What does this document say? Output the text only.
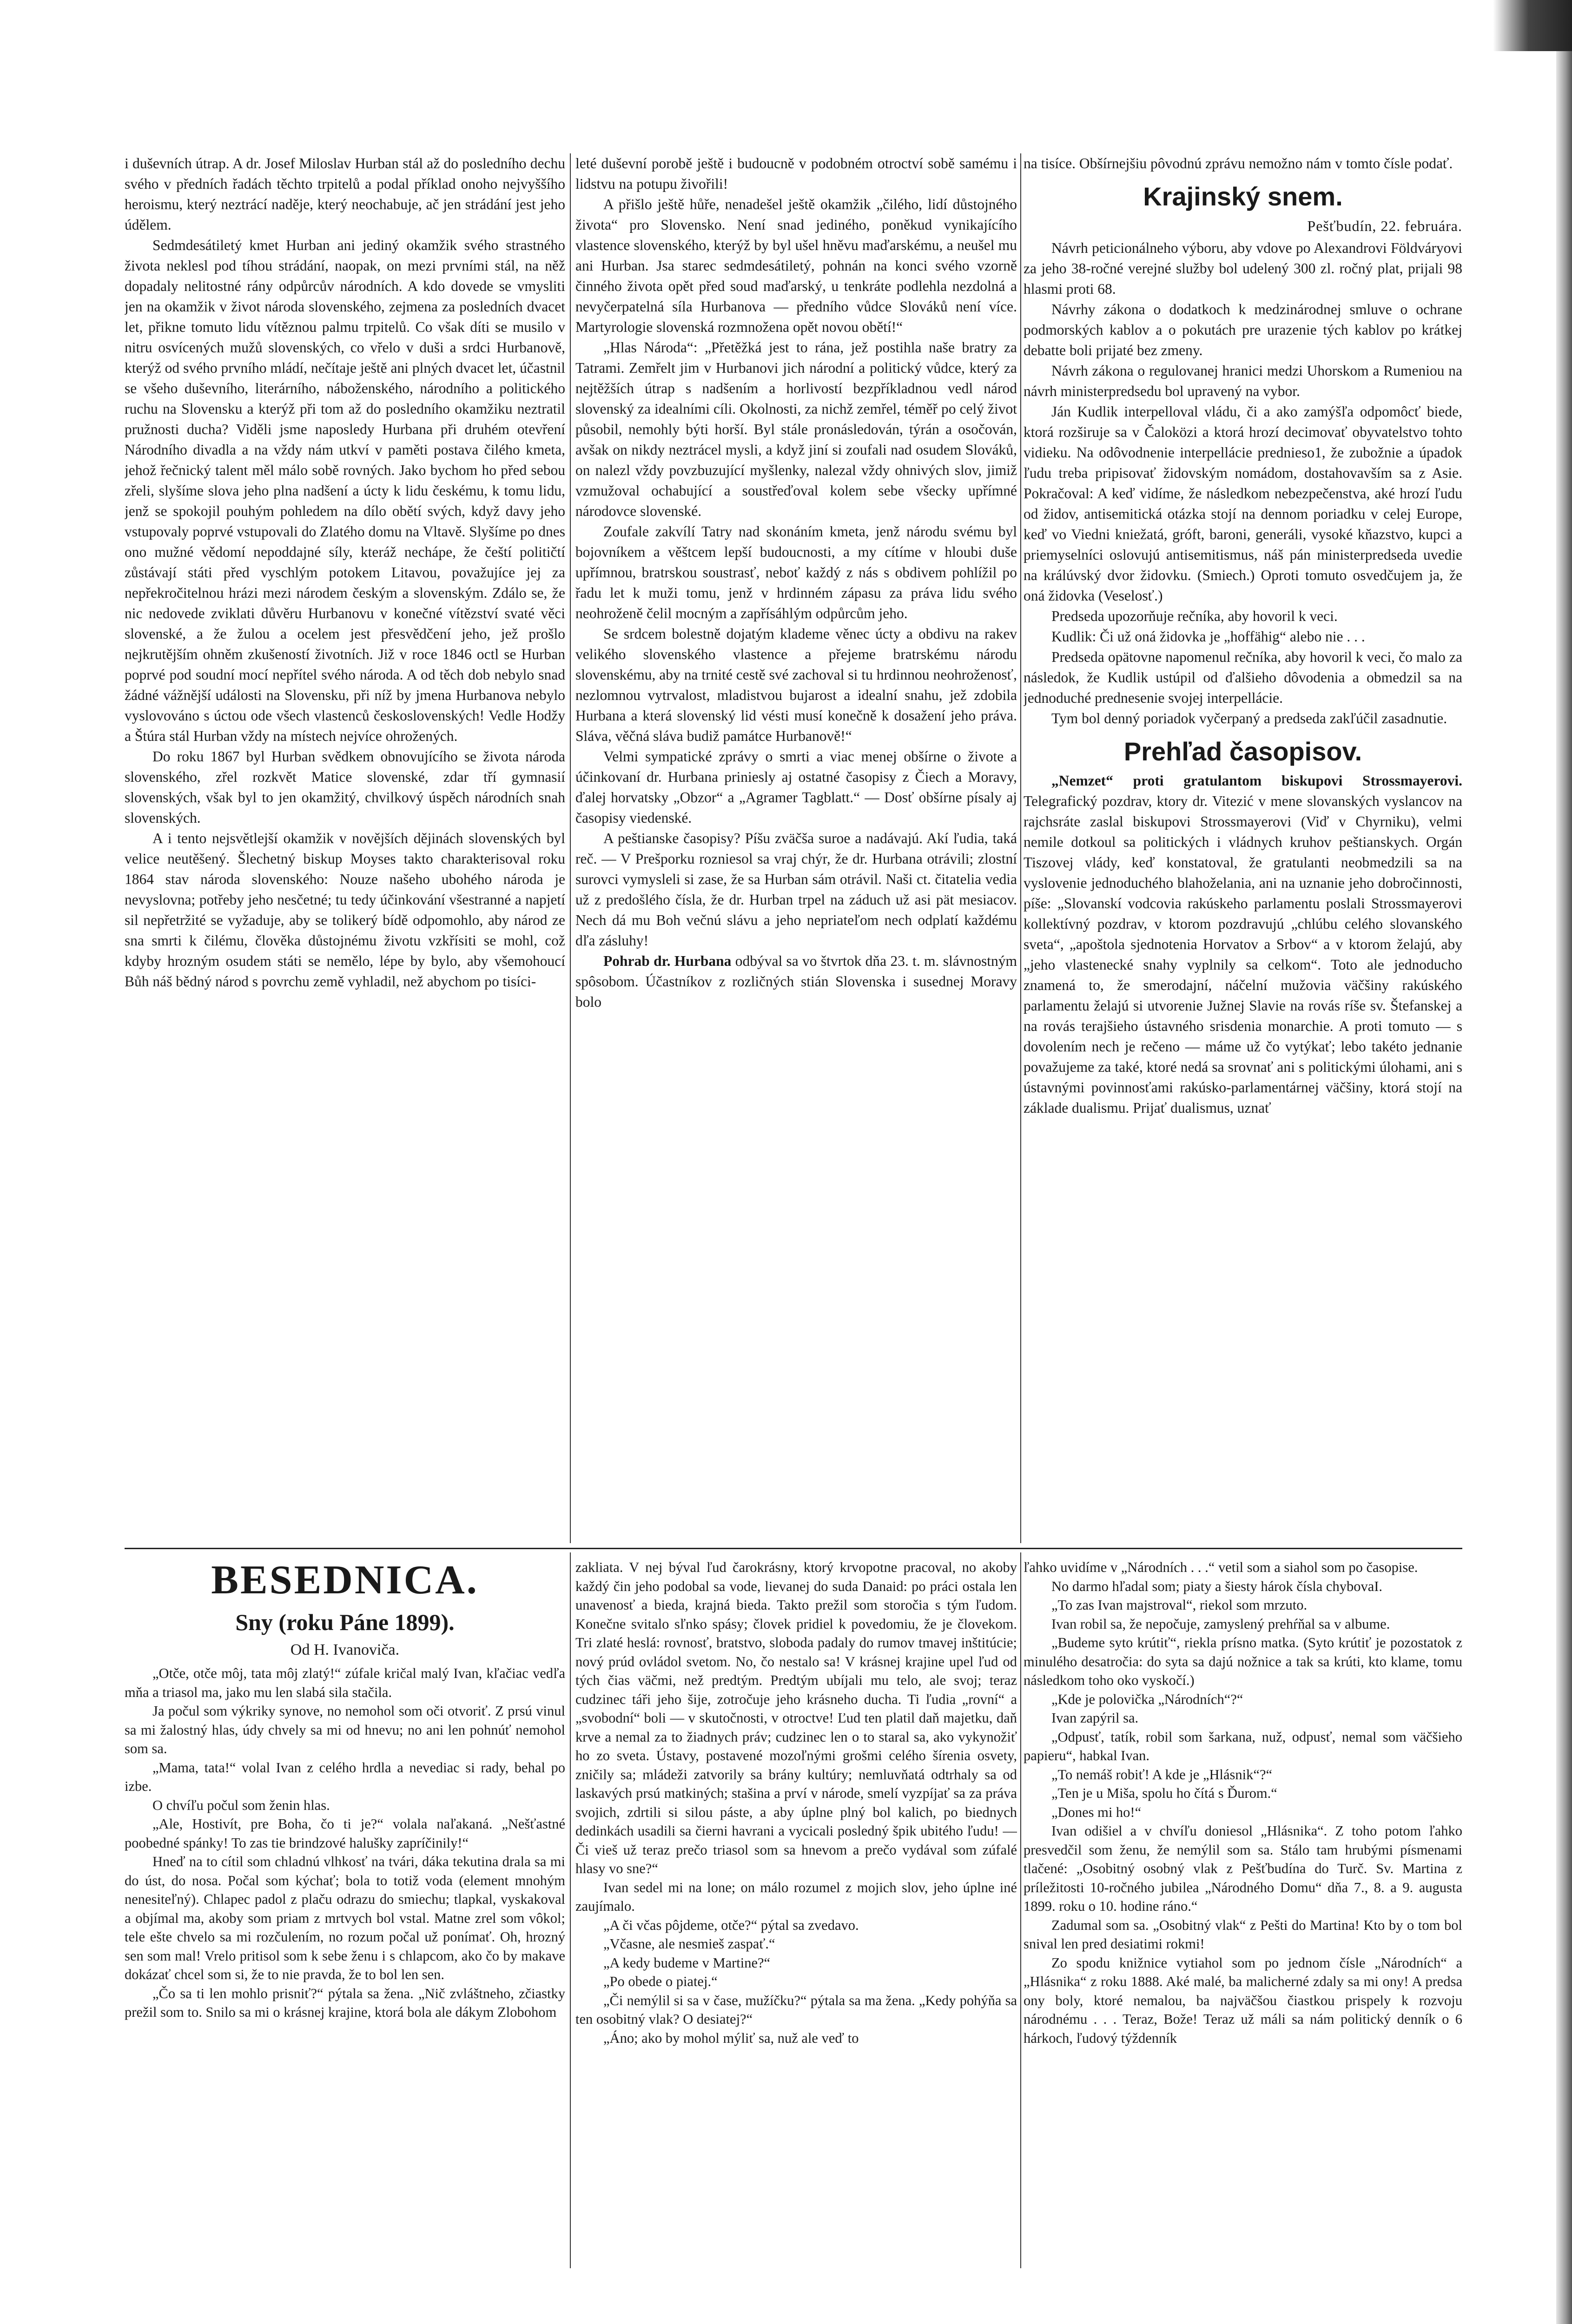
i duševních útrap. A dr. Josef Miloslav Hurban stál až do posledního dechu svého v předních řadách těchto trpitelů a podal příklad onoho nejvyššího heroismu, který neztrácí naděje, který neochabuje, ač jen strádání jest jeho údělem.

Sedmdesátiletý kmet Hurban ani jediný okamžik svého strastného života neklesl pod tíhou strádání, naopak, on mezi prvními stál, na něž dopadaly nelitostné rány odpůrcův národních. A kdo dovede se vmysliti jen na okamžik v život národa slovenského, zejmena za posledních dvacet let, přikne tomuto lidu vítěznou palmu trpitelů. Co však díti se musilo v nitru osvícených mužů slovenských, co vřelo v duši a srdci Hurbanově, kterýž od svého prvního mládí, nečítaje ještě ani plných dvacet let, účastnil se všeho duševního, literárního, náboženského, národního a politického ruchu na Slovensku a kterýž při tom až do posledního okamžiku neztratil pružnosti ducha? Viděli jsme naposledy Hurbana při druhém otevření Národního divadla a na vždy nám utkví v paměti postava čilého kmeta, jehož řečnický talent měl málo sobě rovných. Jako bychom ho před sebou zřeli, slyšíme slova jeho plna nadšení a úcty k lidu českému, k tomu lidu, jenž se spokojil pouhým pohledem na dílo obětí svých, když davy jeho vstupovaly poprvé vstupovali do Zlatého domu na Vltavě. Slyšíme po dnes ono mužné vědomí nepoddajné síly, kteráž nechápe, že čeští političtí zůstávají státi před vyschlým potokem Litavou, považujíce jej za nepřekročitelnou hrázi mezi národem českým a slovenským. Zdálo se, že nic nedovede zviklati důvěru Hurbanovu v konečné vítězství svaté věci slovenské, a že žulou a ocelem jest přesvědčení jeho, jež prošlo nejkrutějším ohněm zkušeností životních. Již v roce 1846 octl se Hurban poprvé pod soudní mocí nepřítel svého národa. A od těch dob nebylo snad žádné vážnější události na Slovensku, při níž by jmena Hurbanova nebylo vyslovováno s úctou ode všech vlastenců československých! Vedle Hodžy a Štúra stál Hurban vždy na místech nejvíce ohrožených.

Do roku 1867 byl Hurban svědkem obnovujícího se života národa slovenského, zřel rozkvět Matice slovenské, zdar tří gymnasií slovenských, však byl to jen okamžitý, chvilkový úspěch národních snah slovenských.

A i tento nejsvětlejší okamžik v novějších dějinách slovenských byl velice neutěšený. Šlechetný biskup Moyses takto charakterisoval roku 1864 stav národa slovenského: Nouze našeho ubohého národa je nevyslovna; potřeby jeho nesčetné; tu tedy účinkování všestranné a napjetí sil nepřetržité se vyžaduje, aby se tolikerý bídě odpomohlo, aby národ ze sna smrti k čilému, člověka důstojnému životu vzkřísiti se mohl, což kdyby hrozným osudem státi se nemělo, lépe by bylo, aby všemohoucí Bůh náš bědný národ s povrchu země vyhladil, než abychom po tisíci-

leté duševní porobě ještě i budoucně v podobném otroctví sobě samému i lidstvu na potupu živořili!

A přišlo ještě hůře, nenadešel ještě okamžik „čilého, lidí důstojného života“ pro Slovensko. Není snad jediného, poněkud vynikajícího vlastence slovenského, kterýž by byl ušel hněvu maďarskému, a neušel mu ani Hurban. Jsa starec sedmdesátiletý, pohnán na konci svého vzorně činného života opět před soud maďarský, u tenkráte podlehla nezdolná a nevyčerpatelná síla Hurbanova — předního vůdce Slováků není více. Martyrologie slovenská rozmnožena opět novou obětí!“

„Hlas Národa“: „Přetěžká jest to rána, jež postihla naše bratry za Tatrami. Zemřelt jim v Hurbanovi jich národní a politický vůdce, který za nejtěžších útrap s nadšením a horlivostí bezpříkladnou vedl národ slovenský za idealními cíli. Okolnosti, za nichž zemřel, téměř po celý život působil, nemohly býti horší. Byl stále pronásledován, týrán a osočován, avšak on nikdy neztrácel mysli, a když jiní si zoufali nad osudem Slováků, on nalezl vždy povzbuzující myšlenky, nalezal vždy ohnivých slov, jimiž vzmužoval ochabující a soustřeďoval kolem sebe všecky upřímné národovce slovenské.

Zoufale zakvílí Tatry nad skonáním kmeta, jenž národu svému byl bojovníkem a věštcem lepší budoucnosti, a my cítíme v hloubi duše upřímnou, bratrskou soustrasť, neboť každý z nás s obdivem pohlížil po řadu let k muži tomu, jenž v hrdinném zápasu za práva lidu svého neohroženě čelil mocným a zapřísáhlým odpůrcům jeho.

Se srdcem bolestně dojatým klademe věnec úcty a obdivu na rakev velikého slovenského vlastence a přejeme bratrskému národu slovenskému, aby na trnité cestě své zachoval si tu hrdinnou neohroženosť, nezlomnou vytrvalost, mladistvou bujarost a idealní snahu, jež zdobila Hurbana a která slovenský lid vésti musí konečně k dosažení jeho práva. Sláva, věčná sláva budiž památce Hurbanově!“

Velmi sympatické zprávy o smrti a viac menej obšírne o živote a účinkovaní dr. Hurbana priniesly aj ostatné časopisy z Čiech a Moravy, ďalej horvatsky „Obzor“ a „Agramer Tagblatt.“ — Dosť obšírne písaly aj časopisy viedenské.

A peštianske časopisy? Píšu zväčša suroe a nadávajú. Akí ľudia, taká reč. — V Prešporku rozniesol sa vraj chýr, že dr. Hurbana otrávili; zlostní surovci vymysleli si zase, že sa Hurban sám otrávil. Naši ct. čitatelia vedia už z predošlého čísla, že dr. Hurban trpel na záduch už asi pät mesiacov. Nech dá mu Boh večnú slávu a jeho nepriateľom nech odplatí každému dľa zásluhy!

Pohrab dr. Hurbana odbýval sa vo štvrtok dňa 23. t. m. slávnostným spôsobom. Účastníkov z rozličných stián Slovenska i susednej Moravy bolo

na tisíce. Obšírnejšiu pôvodnú zprávu nemožno nám v tomto čísle podať.

Krajinský snem.
Pešťbudín, 22. februára.

Návrh peticionálneho výboru, aby vdove po Alexandrovi Földváryovi za jeho 38-ročné verejné služby bol udelený 300 zl. ročný plat, prijali 98 hlasmi proti 68.

Návrhy zákona o dodatkoch k medzinárodnej smluve o ochrane podmorských kablov a o pokutách pre urazenie tých kablov po krátkej debatte boli prijaté bez zmeny.

Návrh zákona o regulovanej hranici medzi Uhorskom a Rumeniou na návrh ministerpredsedu bol upravený na vybor.

Ján Kudlik interpelloval vládu, či a ako zamýšľa odpomôcť biede, ktorá rozširuje sa v Čaloközi a ktorá hrozí decimovať obyvatelstvo tohto vidieku. Na odôvodnenie interpellácie prednieso1, že zubožnie a úpadok ľudu treba pripisovať židovským nomádom, dostahovavším sa z Asie. Pokračoval: A keď vidíme, že následkom nebezpečenstva, aké hrozí ľudu od židov, antisemitická otázka stojí na dennom poriadku v celej Europe, keď vo Viedni kniežatá, gróft, baroni, generáli, vysoké kňazstvo, kupci a priemyselníci oslovujú antisemitismus, náš pán ministerpredseda uvedie na králúvský dvor židovku. (Smiech.) Oproti tomuto osvedčujem ja, že oná židovka (Veselosť.)

Predseda upozorňuje rečníka, aby hovoril k veci.

Kudlik: Či už oná židovka je „hoffähig“ alebo nie . . .

Predseda opätovne napomenul rečníka, aby hovoril k veci, čo malo za následok, že Kudlik ustúpil od ďalšieho dôvodenia a obmedzil sa na jednoduché prednesenie svojej interpellácie.

Tym bol denný poriadok vyčerpaný a predseda zakľúčil zasadnutie.

Prehľad časopisov.

„Nemzet“ proti gratulantom biskupovi Strossmayerovi. Telegrafický pozdrav, ktory dr. Vitezić v mene slovanských vyslancov na rajchsráte zaslal biskupovi Strossmayerovi (Viď v Chyrniku), velmi nemile dotkoul sa politických i vládnych kruhov peštianskych. Orgán Tiszovej vlády, keď konstatoval, že gratulanti neobmedzili sa na vyslovenie jednoduchého blahoželania, ani na uznanie jeho dobročinnosti, píše: „Slovanskí vodcovia rakúskeho parlamentu poslali Strossmayerovi kollektívný pozdrav, v ktorom pozdravujú „chlúbu celého slovanského sveta“, „apoštola sjednotenia Horvatov a Srbov“ a v ktorom želajú, aby „jeho vlastenecké snahy vyplnily sa celkom“. Toto ale jednoducho znamená to, že smerodajní, náčelní mužovia väčšiny rakúského parlamentu želajú si utvorenie Južnej Slavie na rovás ríše sv. Štefanskej a na rovás terajšieho ústavného srisdenia monarchie. A proti tomuto — s dovolením nech je rečeno — máme už čo vytýkať; lebo takéto jednanie považujeme za také, ktoré nedá sa srovnať ani s politickými úlohami, ani s ústavnými povinnosťami rakúsko-parlamentárnej väčšiny, ktorá stojí na základe dualismu. Prijať dualismus, uznať

BESEDNICA.
Sny (roku Páne 1899).
Od H. Ivanoviča.

„Otče, otče môj, tata môj zlatý!“ zúfale kričal malý Ivan, kľačiac vedľa mňa a triasol ma, jako mu len slabá sila stačila.

Ja počul som výkriky synove, no nemohol som oči otvoriť. Z prsú vinul sa mi žalostný hlas, údy chvely sa mi od hnevu; no ani len pohnúť nemohol som sa.

„Mama, tata!“ volal Ivan z celého hrdla a nevediac si rady, behal po izbe.

O chvíľu počul som ženin hlas.

„Ale, Hostivít, pre Boha, čo ti je?“ volala naľakaná. „Nešťastné poobedné spánky! To zas tie brindzové halušky zapríčinily!“

Hneď na to cítil som chladnú vlhkosť na tvári, dáka tekutina drala sa mi do úst, do nosa. Počal som kýchať; bola to totiž voda (element mnohým nenesiteľný). Chlapec padol z plaču odrazu do smiechu; tlapkal, vyskakoval a objímal ma, akoby som priam z mrtvych bol vstal. Matne zrel som vôkol; tele ešte chvelo sa mi rozčulením, no rozum počal už ponímať. Oh, hrozný sen som mal! Vrelo pritisol som k sebe ženu i s chlapcom, ako čo by makave dokázať chcel som si, že to nie pravda, že to bol len sen.

„Čo sa ti len mohlo prisniť?“ pýtala sa žena. „Nič zvláštneho, zčiastky prežil som to. Snilo sa mi o krásnej krajine, ktorá bola ale dákym Zlobohom

zakliata. V nej býval ľud čarokrásny, ktorý krvopotne pracoval, no akoby každý čin jeho podobal sa vode, lievanej do suda Danaid: po práci ostala len unavenosť a bieda, krajná bieda. Takto prežil som storočia s tým ľudom. Konečne svitalo sľnko spásy; človek pridiel k povedomiu, že je človekom. Tri zlaté heslá: rovnosť, bratstvo, sloboda padaly do rumov tmavej inštitúcie; nový prúd ovládol svetom. No, čo nestalo sa! V krásnej krajine upel ľud od tých čias väčmi, než predtým. Predtým ubíjali mu telo, ale svoj; teraz cudzinec táři jeho šije, zotročuje jeho krásneho ducha. Ti ľudia „rovní“ a „svobodní“ boli — v skutočnosti, v otroctve! Ľud ten platil daň majetku, daň krve a nemal za to žiadnych práv; cudzinec len o to staral sa, ako vykynožiť ho zo sveta. Ústavy, postavené mozoľnými grošmi celého šírenia osvety, zničily sa; mládeži zatvorily sa brány kultúry; nemluvňatá odtrhaly sa od laskavých prsú matkiných; stašina a prví v národe, smelí vyzpíjať sa za práva svojich, zdrtili si silou páste, a aby úplne plný bol kalich, po biednych dedinkách usadili sa čierni havrani a vycicali posledný špik ubitého ľudu! — Či vieš už teraz prečo triasol som sa hnevom a prečo vydával som zúfalé hlasy vo sne?“

Ivan sedel mi na lone; on málo rozumel z mojich slov, jeho úplne iné zaujímalo.

„A či včas pôjdeme, otče?“ pýtal sa zvedavo.

„Včasne, ale nesmieš zaspať.“

„A kedy budeme v Martine?“

„Po obede o piatej.“

„Či nemýlil si sa v čase, mužíčku?“ pýtala sa ma žena. „Kedy pohýňa sa ten osobitný vlak? O desiatej?“

„Áno; ako by mohol mýliť sa, nuž ale veď to

ľahko uvidíme v „Národních . . .“ vetil som a siahol som po časopise.

No darmo hľadal som; piaty a šiesty hárok čísla chybovaI.

„To zas Ivan majstroval“, riekol som mrzuto.

Ivan robil sa, že nepočuje, zamyslený prehŕňal sa v albume.

„Budeme syto krútiť“, riekla prísno matka. (Syto krútiť je pozostatok z minulého desatročia: do syta sa dajú nožnice a tak sa krúti, kto klame, tomu následkom toho oko vyskočí.)

„Kde je polovička „Národních“?“

Ivan zapýril sa.

„Odpusť, tatík, robil som šarkana, nuž, odpusť, nemal som väčšieho papieru“, habkal Ivan.

„To nemáš robiť! A kde je „Hlásnik“?“

„Ten je u Miša, spolu ho čítá s Ďurom.“

„Dones mi ho!“

Ivan odišiel a v chvíľu doniesol „Hlásnika“. Z toho potom ľahko presvedčil som ženu, že nemýlil som sa. Stálo tam hrubými písmenami tlačené: „Osobitný osobný vlak z Pešťbudína do Turč. Sv. Martina z príležitosti 10-ročného jubilea „Národného Domu“ dňa 7., 8. a 9. augusta 1899. roku o 10. hodine ráno.“

Zadumal som sa. „Osobitný vlak“ z Pešti do Martina! Kto by o tom bol snival len pred desiatimi rokmi!

Zo spodu knižnice vytiahol som po jednom čísle „Národních“ a „Hlásnika“ z roku 1888. Aké malé, ba malicherné zdaly sa mi ony! A predsa ony boly, ktoré nemalou, ba najväčšou čiastkou prispely k rozvoju národnému . . . Teraz, Bože! Teraz už máli sa nám politický denník o 6 hárkoch, ľudový týždenník
